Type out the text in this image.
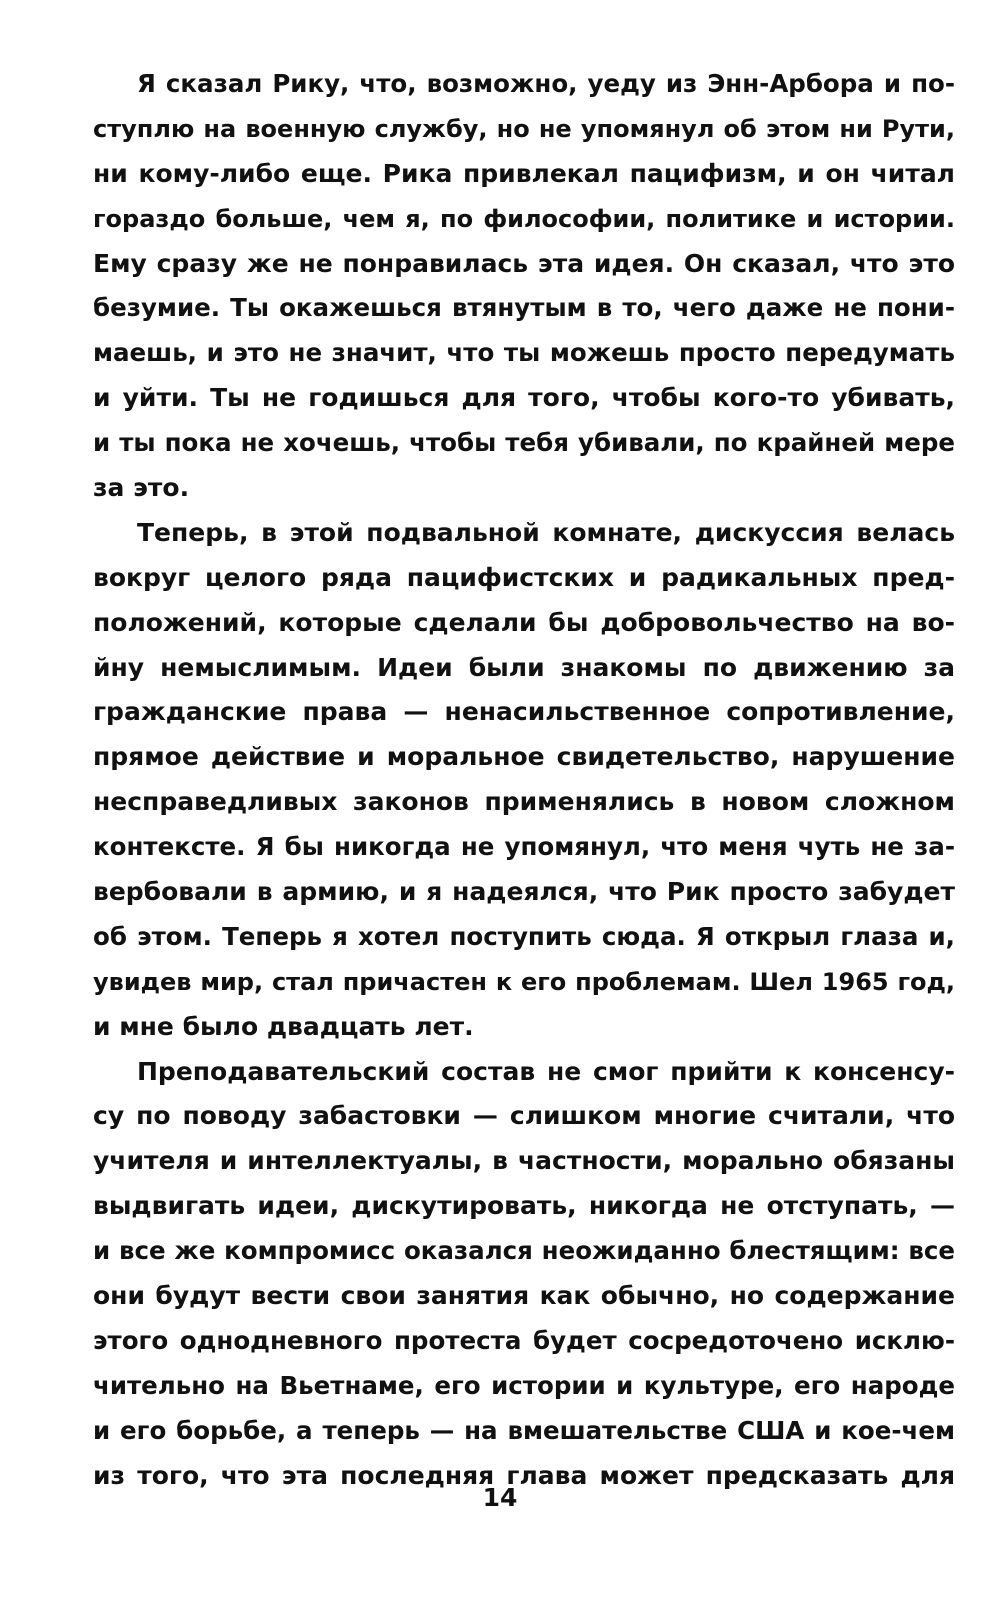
Я сказал Рику, что, возможно, уеду из Энн-Арбора и по-
ступлю на военную службу, но не упомянул об этом ни Рути,
ни кому-либо еще. Рика привлекал пацифизм, и он читал
гораздо больше, чем я, по философии, политике и истории.
Ему сразу же не понравилась эта идея. Он сказал, что это
безумие. Ты окажешься втянутым в то, чего даже не пони-
маешь, и это не значит, что ты можешь просто передумать
и уйти. Ты не годишься для того, чтобы кого-то убивать,
и ты пока не хочешь, чтобы тебя убивали, по крайней мере
за это.
Теперь, в этой подвальной комнате, дискуссия велась
вокруг целого ряда пацифистских и радикальных пред-
положений, которые сделали бы добровольчество на во-
йну немыслимым. Идеи были знакомы по движению за
гражданские права — ненасильственное сопротивление,
прямое действие и моральное свидетельство, нарушение
несправедливых законов применялись в новом сложном
контексте. Я бы никогда не упомянул, что меня чуть не за-
вербовали в армию, и я надеялся, что Рик просто забудет
об этом. Теперь я хотел поступить сюда. Я открыл глаза и,
увидев мир, стал причастен к его проблемам. Шел 1965 год,
и мне было двадцать лет.
Преподавательский состав не смог прийти к консенсу-
су по поводу забастовки — слишком многие считали, что
учителя и интеллектуалы, в частности, морально обязаны
выдвигать идеи, дискутировать, никогда не отступать, —
и все же компромисс оказался неожиданно блестящим: все
они будут вести свои занятия как обычно, но содержание
этого однодневного протеста будет сосредоточено исклю-
чительно на Вьетнаме, его истории и культуре, его народе
и его борьбе, а теперь — на вмешательстве США и кое-чем
из того, что эта последняя глава может предсказать для
14
